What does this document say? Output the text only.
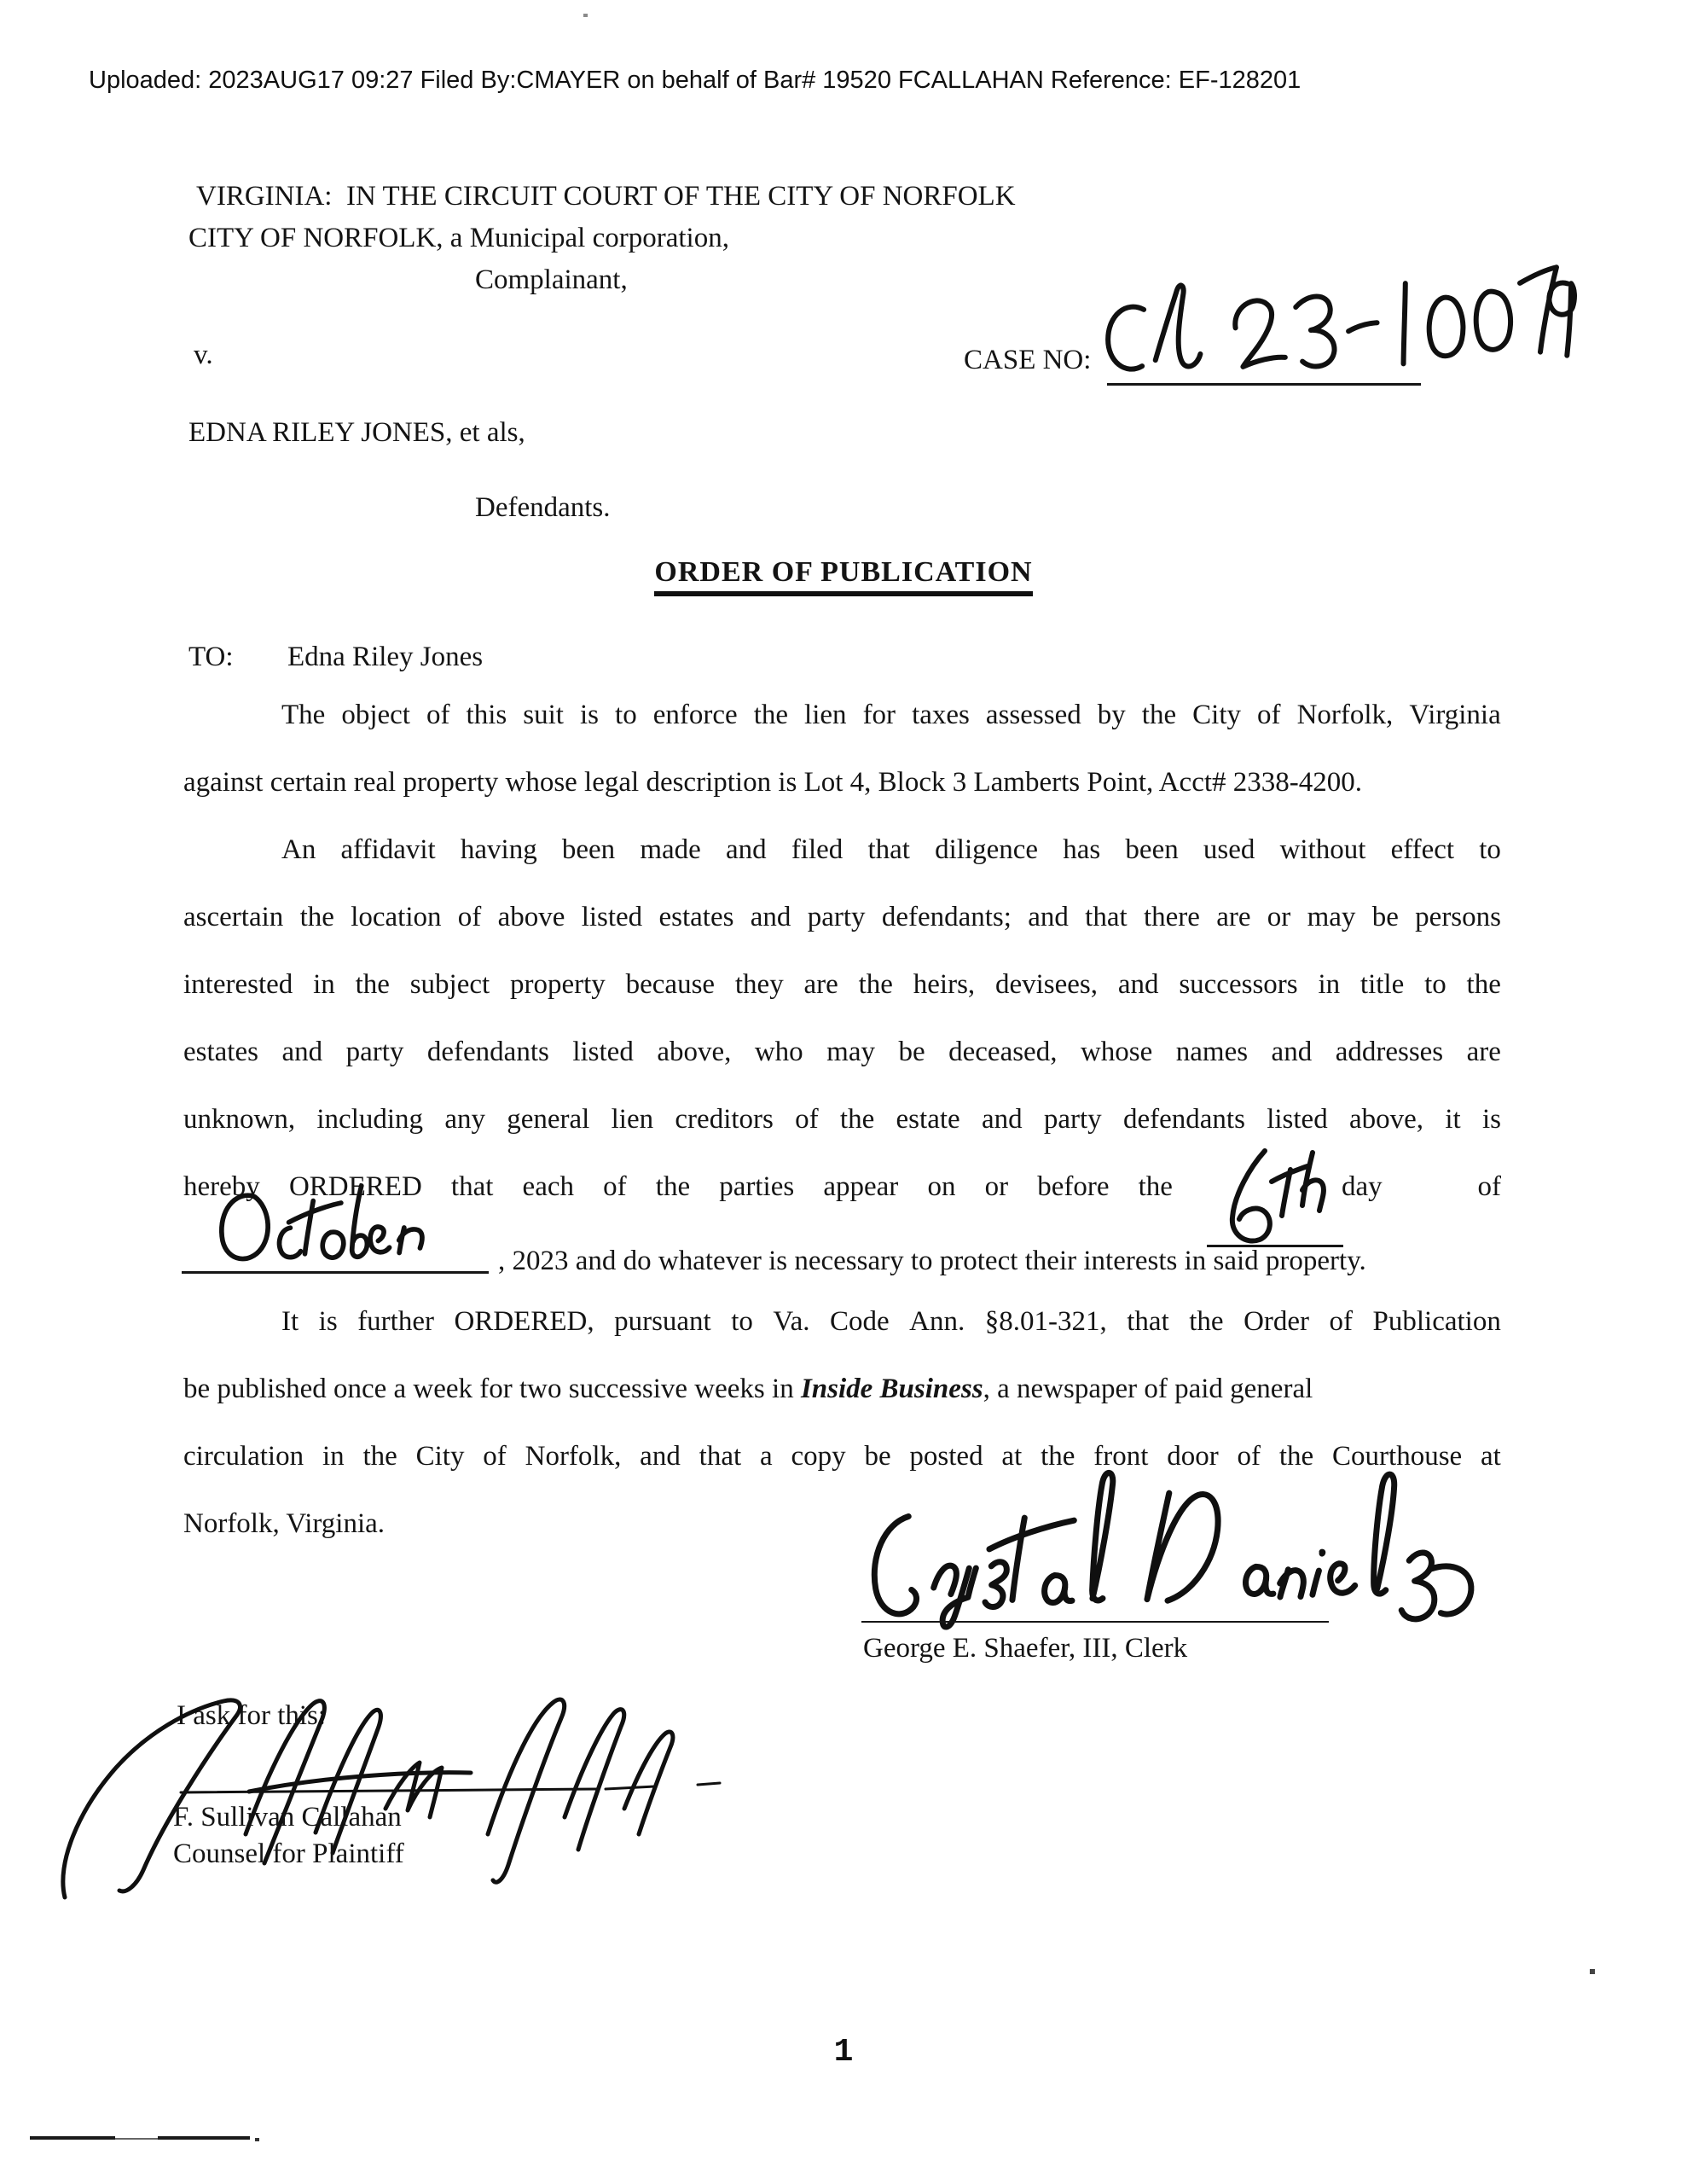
Uploaded: 2023AUG17 09:27 Filed By:CMAYER on behalf of Bar# 19520 FCALLAHAN Reference: EF-128201
VIRGINIA:  IN THE CIRCUIT COURT OF THE CITY OF NORFOLK
CITY OF NORFOLK, a Municipal corporation,
Complainant,
v.	CASE NO:
EDNA RILEY JONES, et als,
Defendants.
ORDER OF PUBLICATION
TO: Edna Riley Jones
The object of this suit is to enforce the lien for taxes assessed by the City of Norfolk, Virginia
against certain real property whose legal description is Lot 4, Block 3 Lamberts Point, Acct# 2338-4200.
An affidavit having been made and filed that diligence has been used without effect to
ascertain the location of above listed estates and party defendants; and that there are or may be persons
interested in the subject property because they are the heirs, devisees, and successors in title to the
estates and party defendants listed above, who may be deceased, whose names and addresses are
unknown, including any general lien creditors of the estate and party defendants listed above, it is
hereby ORDERED that each of the parties appear on or before the	day	of
, 2023 and do whatever is necessary to protect their interests in said property.
It is further ORDERED, pursuant to Va. Code Ann. §8.01-321, that the Order of Publication
be published once a week for two successive weeks in Inside Business, a newspaper of paid general
circulation in the City of Norfolk, and that a copy be posted at the front door of the Courthouse at
Norfolk, Virginia.
George E. Shaefer, III, Clerk
I ask for this:
F. Sullivan Callahan
Counsel for Plaintiff
1
